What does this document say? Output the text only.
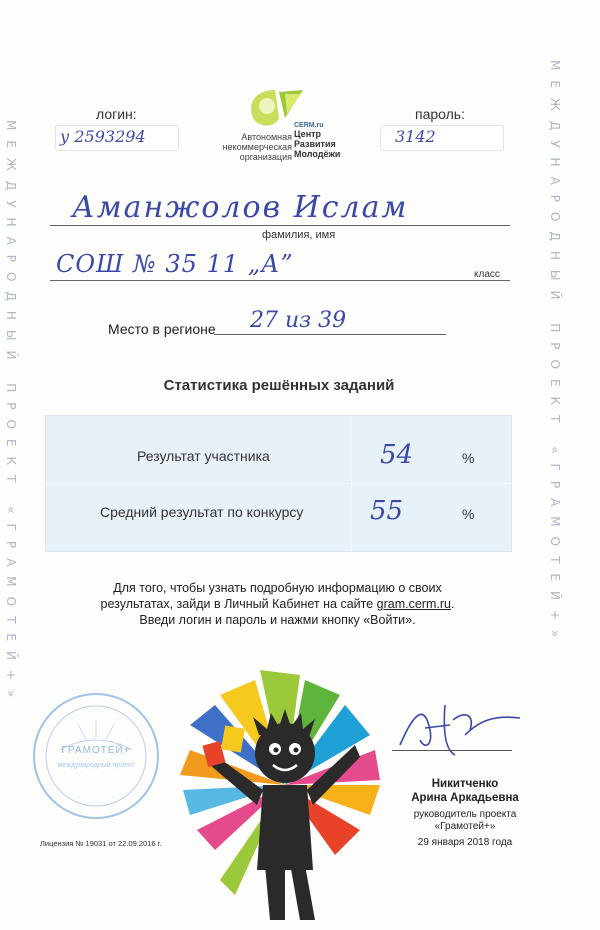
МЕЖДУНАРОДНЫЙ ПРОЕКТ «ГРАМОТЕЙ+»	МЕЖДУНАРОДНЫЙ ПРОЕКТ «ГРАМОТЕЙ+»
логин:
у 2593294
пароль:
3142
Автономная
некоммерческая
организация
CERM.ru
Центр
Развития
Молодёжи
Аманжолов Ислам
фамилия, имя
СОШ № 35 11 „А”	класс
Место в регионе 27 из 39
Статистика решённых заданий
Результат участника	54	%
Средний результат по конкурсу	55	%
Для того, чтобы узнать подробную информацию о своих
результатах, зайди в Личный Кабинет на сайте gram.cerm.ru.
Введи логин и пароль и нажми кнопку «Войти».
ГРАМОТЕЙ+
международный проект
Никитченко
Арина Аркадьевна
руководитель проекта
«Грамотей+»
29 января 2018 года
Лицензия № 19031 от 22.09.2016 г.
